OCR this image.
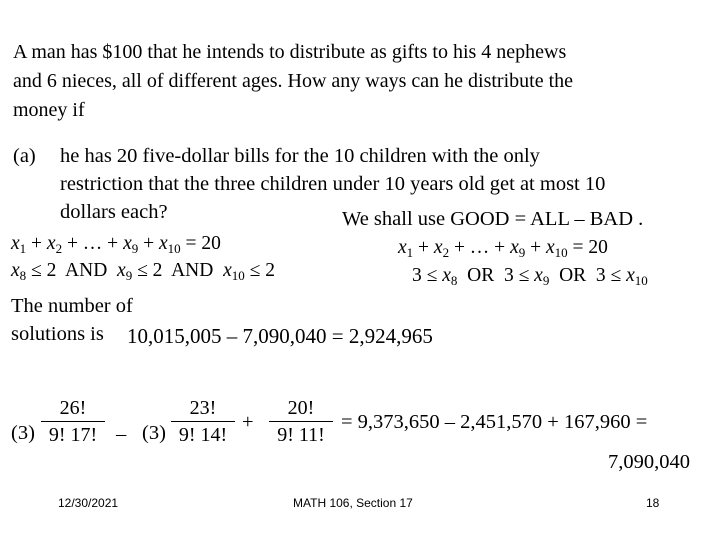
A man has $100 that he intends to distribute as gifts to his 4 nephews
and 6 nieces, all of different ages. How any ways can he distribute the
money if
(a) he has 20 five-dollar bills for the 10 children with the only
restriction that the three children under 10 years old get at most 10
dollars each?	We shall use GOOD = ALL – BAD .
$x_1 + x_2$ + … + $x_9 + x_{10} = 20$
$x_8 \le 2$ AND $x_9 \le 2$ AND $x_{10} \le 2$
$x_1 + x_2$ + … + $x_9 + x_{10} = 20$
$3 \le x_8$ OR $3 \le x_9$ OR $3 \le x_{10}$
The number of
solutions is 10,015,005 – 7,090,040 = 2,924,965
$(3) \frac{26!}{9! 17!} - (3) \frac{23!}{9! 14!} + \frac{20!}{9! 11!} = 9,373,650 - 2,451,570 + 167,960$ =
7,090,040
12/30/2021	MATH 106, Section 17	18
